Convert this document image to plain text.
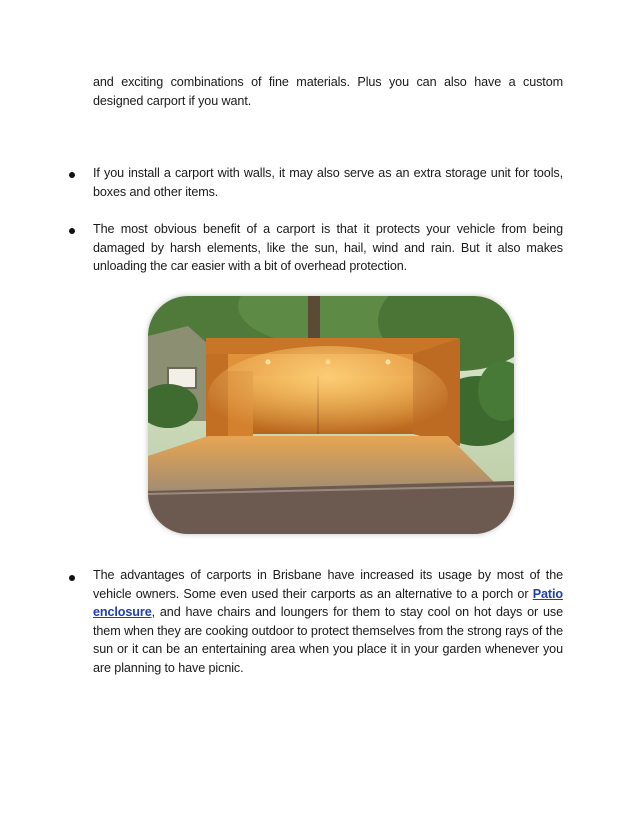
and exciting combinations of fine materials. Plus you can also have a custom designed carport if you want.
If you install a carport with walls, it may also serve as an extra storage unit for tools, boxes and other items.
The most obvious benefit of a carport is that it protects your vehicle from being damaged by harsh elements, like the sun, hail, wind and rain. But it also makes unloading the car easier with a bit of overhead protection.
The advantages of carports in Brisbane have increased its usage by most of the vehicle owners. Some even used their carports as an alternative to a porch or Patio enclosure, and have chairs and loungers for them to stay cool on hot days or use them when they are cooking outdoor to protect themselves from the strong rays of the sun or it can be an entertaining area when you place it in your garden whenever you are planning to have picnic.
